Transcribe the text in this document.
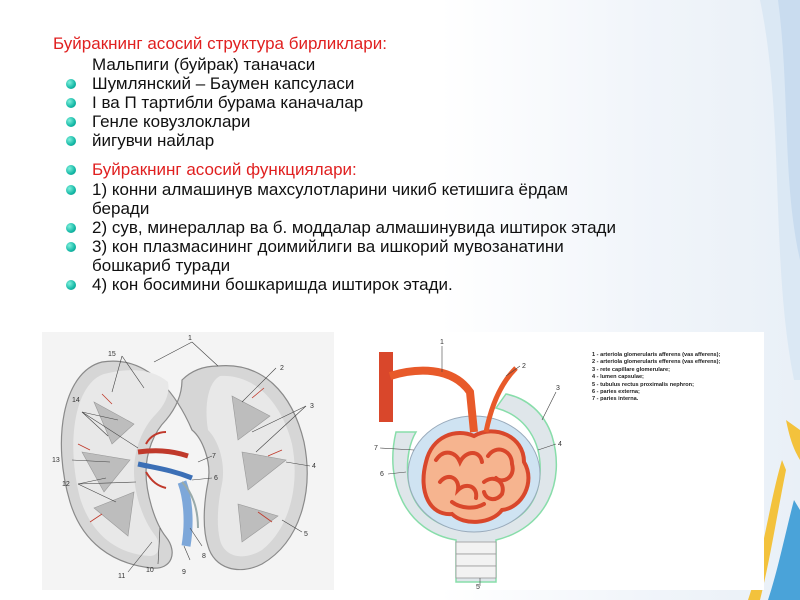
Буйракнинг асосий структура бирликлари:
Мальпиги (буйрак) таначаси
Шумлянский – Баумен капсуласи
I ва П тартибли бурама каначалар
Генле ковузлоклари
йигувчи найлар
Буйракнинг асосий функциялари:
1) конни алмашинув махсулотларини чикиб кетишига ёрдам
беради
2) сув, минераллар ва б. моддалар алмашинувида иштирок этади
3) кон плазмасининг доимийлиги ва ишкорий мувозанатини
бошкариб туради
4) кон босимини бошкаришда иштирок этади.
1
2
3
4
5
6
7
8
9
10
11
12
13
14
15
1
2
3
4
5
6
7
1 - arteriola glomerularis afferens (vas afferens);
2 - arteriola glomerularis efferens (vas efferens);
3 - rete capillare glomerulare;
4 - lumen capsulae;
5 - tubulus rectus proximalis nephron;
6 - paries externa;
7 - paries interna.
